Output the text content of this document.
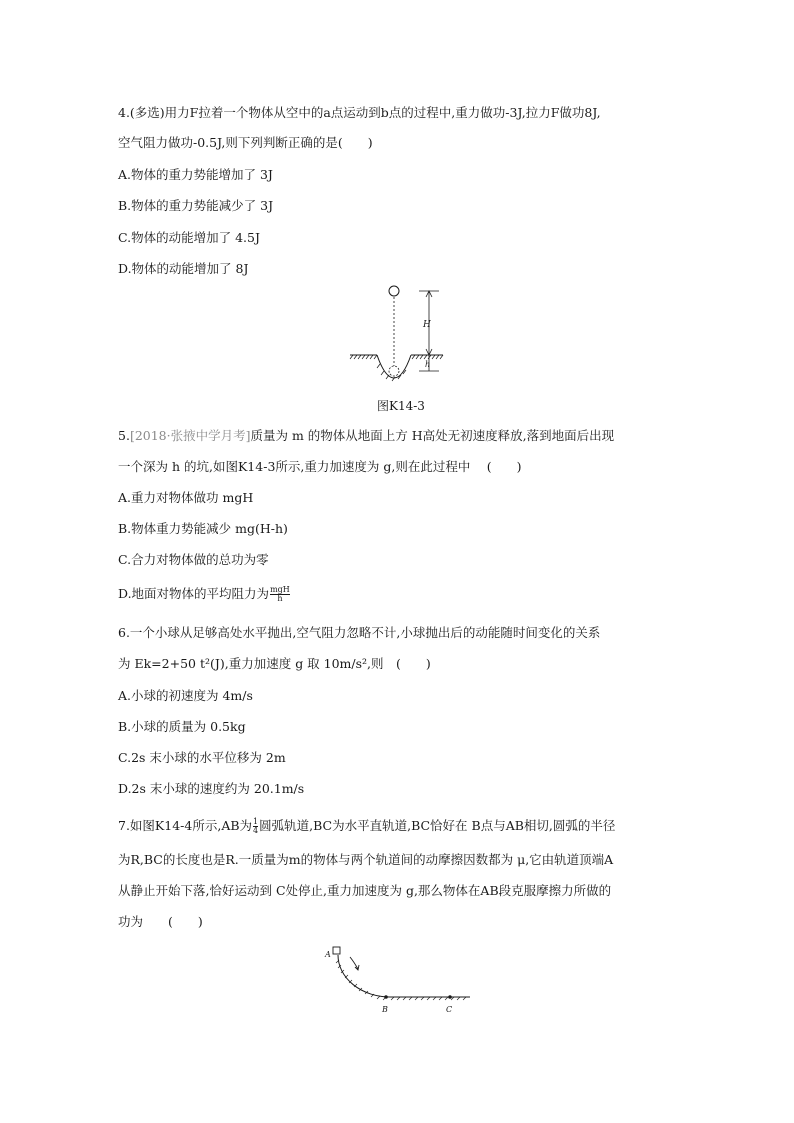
4.(多选)用力F拉着一个物体从空中的a点运动到b点的过程中,重力做功-3J,拉力F做功8J,
空气阻力做功-0.5J,则下列判断正确的是(　　)
A.物体的重力势能增加了 3J
B.物体的重力势能减少了 3J
C.物体的动能增加了 4.5J
D.物体的动能增加了 8J
H
h
图K14-3
5.[2018·张掖中学月考]质量为 m 的物体从地面上方 H高处无初速度释放,落到地面后出现
一个深为 h 的坑,如图K14-3所示,重力加速度为 g,则在此过程中　 (　　)
A.重力对物体做功 mgH
B.物体重力势能减少 mg(H-h)
C.合力对物体做的总功为零
D.地面对物体的平均阻力为 $\frac{\text{mgH}}{h}$
6.一个小球从足够高处水平抛出,空气阻力忽略不计,小球抛出后的动能随时间变化的关系
为 Ek=2+50 t²(J),重力加速度 g 取 10m/s²,则　(　　)
A.小球的初速度为 4m/s
B.小球的质量为 0.5kg
C.2s 末小球的水平位移为 2m
D.2s 末小球的速度约为 20.1m/s
7.如图K14-4所示,AB为 $\frac{1}{4}$ 圆弧轨道,BC为水平直轨道,BC恰好在 B点与AB相切,圆弧的半径
为R,BC的长度也是R.一质量为m的物体与两个轨道间的动摩擦因数都为 μ,它由轨道顶端A
从静止开始下落,恰好运动到 C处停止,重力加速度为 g,那么物体在AB段克服摩擦力所做的
功为　　(　　)
A
B	C
